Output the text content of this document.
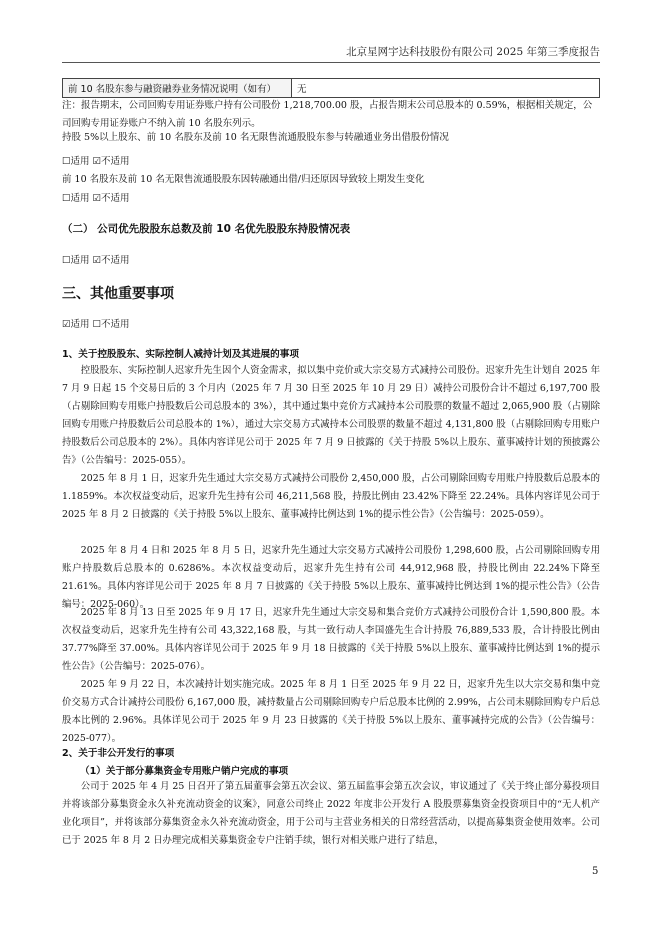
北京星网宇达科技股份有限公司 2025 年第三季度报告
前 10 名股东参与融资融券业务情况说明（如有）	无
注：报告期末，公司回购专用证券账户持有公司股份 1,218,700.00 股，占报告期末公司总股本的 0.59%，根据相关规定，公司回购专用证券账户不纳入前 10 名股东列示。
持股 5%以上股东、前 10 名股东及前 10 名无限售流通股股东参与转融通业务出借股份情况
☐适用 ☑不适用
前 10 名股东及前 10 名无限售流通股股东因转融通出借/归还原因导致较上期发生变化
☐适用 ☑不适用
（二） 公司优先股股东总数及前 10 名优先股股东持股情况表
☐适用 ☑不适用
三、其他重要事项
☑适用 ☐不适用
1、关于控股股东、实际控制人减持计划及其进展的事项

控股股东、实际控制人迟家升先生因个人资金需求，拟以集中竞价或大宗交易方式减持公司股份。迟家升先生计划自 2025 年 7 月 9 日起 15 个交易日后的 3 个月内（2025 年 7 月 30 日至 2025 年 10 月 29 日）减持公司股份合计不超过 6,197,700 股（占剔除回购专用账户持股数后公司总股本的 3%），其中通过集中竞价方式减持本公司股票的数量不超过 2,065,900 股（占剔除回购专用账户持股数后公司总股本的 1%），通过大宗交易方式减持本公司股票的数量不超过 4,131,800 股（占剔除回购专用账户持股数后公司总股本的 2%）。具体内容详见公司于 2025 年 7 月 9 日披露的《关于持股 5%以上股东、董事减持计划的预披露公告》（公告编号：2025-055）。

2025 年 8 月 1 日，迟家升先生通过大宗交易方式减持公司股份 2,450,000 股，占公司剔除回购专用账户持股数后总股本的 1.1859%。本次权益变动后，迟家升先生持有公司 46,211,568 股，持股比例由 23.42%下降至 22.24%。具体内容详见公司于 2025 年 8 月 2 日披露的《关于持股 5%以上股东、董事减持比例达到 1%的提示性公告》（公告编号：2025-059）。

2025 年 8 月 4 日和 2025 年 8 月 5 日，迟家升先生通过大宗交易方式减持公司股份 1,298,600 股，占公司剔除回购专用账户持股数后总股本的 0.6286%。本次权益变动后，迟家升先生持有公司 44,912,968 股，持股比例由 22.24%下降至 21.61%。具体内容详见公司于 2025 年 8 月 7 日披露的《关于持股 5%以上股东、董事减持比例达到 1%的提示性公告》（公告编号：2025-060）。

2025 年 8 月 13 日至 2025 年 9 月 17 日，迟家升先生通过大宗交易和集合竞价方式减持公司股份合计 1,590,800 股。本次权益变动后，迟家升先生持有公司 43,322,168 股，与其一致行动人李国盛先生合计持股 76,889,533 股，合计持股比例由 37.77%降至 37.00%。具体内容详见公司于 2025 年 9 月 18 日披露的《关于持股 5%以上股东、董事减持比例达到 1%的提示性公告》（公告编号：2025-076）。

2025 年 9 月 22 日，本次减持计划实施完成。2025 年 8 月 1 日至 2025 年 9 月 22 日，迟家升先生以大宗交易和集中竞价交易方式合计减持公司股份 6,167,000 股，减持数量占公司剔除回购专户后总股本比例的 2.99%，占公司未剔除回购专户后总股本比例的 2.96%。具体详见公司于 2025 年 9 月 23 日披露的《关于持股 5%以上股东、董事减持完成的公告》（公告编号：2025-077）。

2、关于非公开发行的事项
（1）关于部分募集资金专用账户销户完成的事项

公司于 2025 年 4 月 25 日召开了第五届董事会第五次会议、第五届监事会第五次会议，审议通过了《关于终止部分募投项目并将该部分募集资金永久补充流动资金的议案》，同意公司终止 2022 年度非公开发行 A 股股票募集资金投资项目中的“无人机产业化项目”，并将该部分募集资金永久补充流动资金，用于公司与主营业务相关的日常经营活动，以提高募集资金使用效率。公司已于 2025 年 8 月 2 日办理完成相关募集资金专户注销手续，银行对相关账户进行了结息，

5
